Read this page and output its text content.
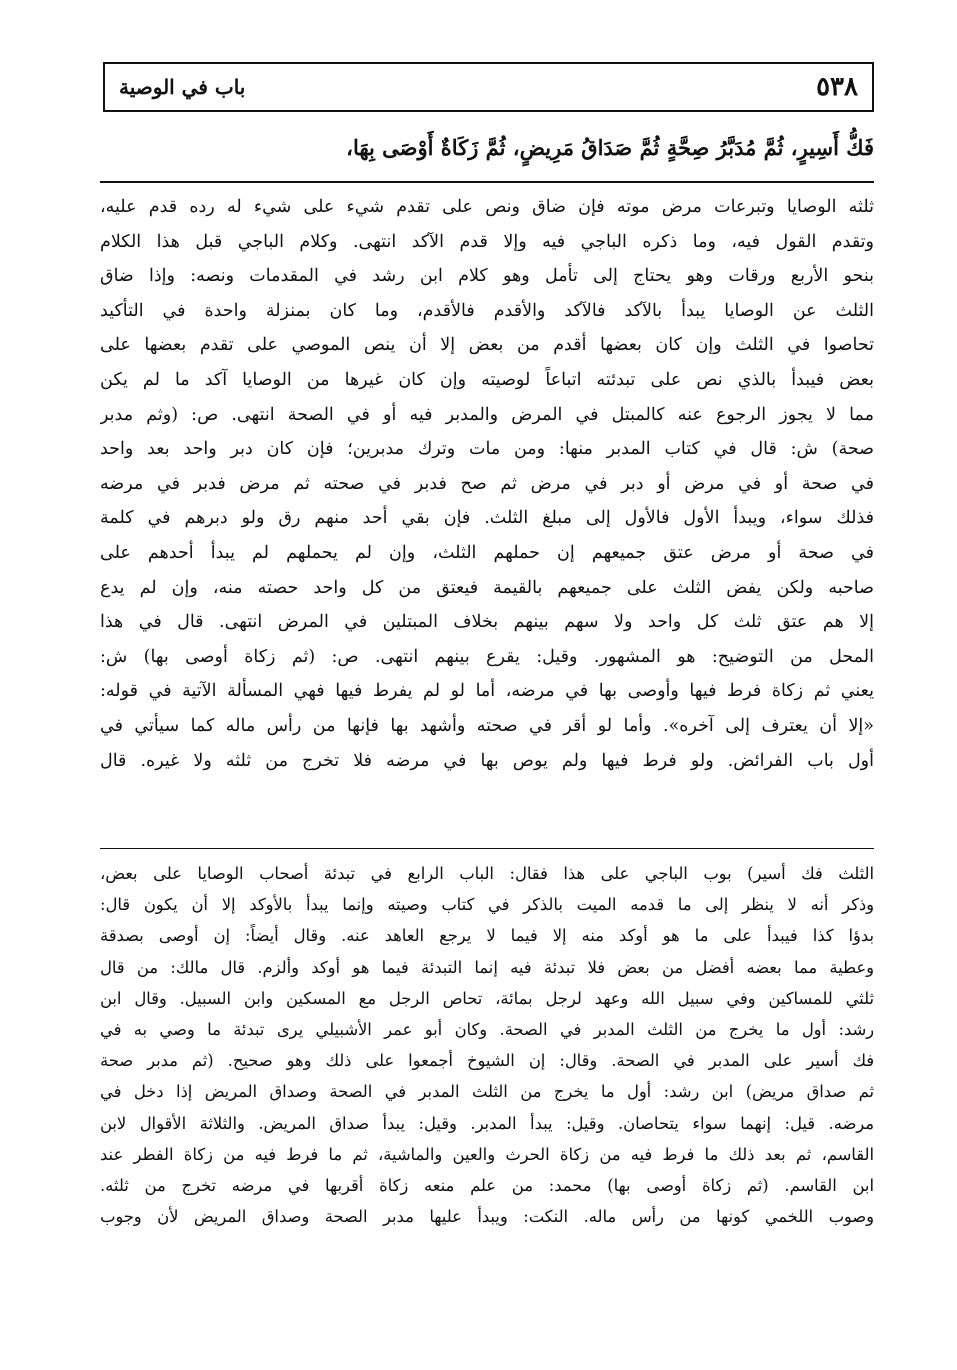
٥٣٨
باب في الوصية
فَكُّ أَسِيرٍ، ثُمَّ مُدَبَّرُ صِحَّةٍ ثُمَّ صَدَاقُ مَرِيضٍ، ثُمَّ زَكَاةٌ أَوْصَى بِهَا،
ثلثه الوصايا وتبرعات مرض موته فإن ضاق ونص على تقدم شيء على شيء له رده قدم عليه،
وتقدم القول فيه، وما ذكره الباجي فيه وإلا قدم الآكد انتهى. وكلام الباجي قبل هذا الكلام
بنحو الأربع ورقات وهو يحتاج إلى تأمل وهو كلام ابن رشد في المقدمات ونصه: وإذا ضاق
الثلث عن الوصايا يبدأ بالآكد فالآكد والأقدم فالأقدم، وما كان بمنزلة واحدة في التأكيد
تحاصوا في الثلث وإن كان بعضها أقدم من بعض إلا أن ينص الموصي على تقدم بعضها على
بعض فيبدأ بالذي نص على تبدئته اتباعاً لوصيته وإن كان غيرها من الوصايا آكد ما لم يكن
مما لا يجوز الرجوع عنه كالمبتل في المرض والمدبر فيه أو في الصحة انتهى. ص: (وثم مدبر
صحة) ش: قال في كتاب المدبر منها: ومن مات وترك مدبرين؛ فإن كان دبر واحد بعد واحد
في صحة أو في مرض أو دبر في مرض ثم صح فدبر في صحته ثم مرض فدبر في مرضه
فذلك سواء، ويبدأ الأول فالأول إلى مبلغ الثلث. فإن بقي أحد منهم رق ولو دبرهم في كلمة
في صحة أو مرض عتق جميعهم إن حملهم الثلث، وإن لم يحملهم لم يبدأ أحدهم على
صاحبه ولكن يفض الثلث على جميعهم بالقيمة فيعتق من كل واحد حصته منه، وإن لم يدع
إلا هم عتق ثلث كل واحد ولا سهم بينهم بخلاف المبتلين في المرض انتهى. قال في هذا
المحل من التوضيح: هو المشهور. وقيل: يقرع بينهم انتهى. ص: (ثم زكاة أوصى بها) ش:
يعني ثم زكاة فرط فيها وأوصى بها في مرضه، أما لو لم يفرط فيها فهي المسألة الآتية في قوله:
«إلا أن يعترف إلى آخره». وأما لو أقر في صحته وأشهد بها فإنها من رأس ماله كما سيأتي في
أول باب الفرائض. ولو فرط فيها ولم يوص بها في مرضه فلا تخرج من ثلثه ولا غيره. قال
الثلث فك أسير) بوب الباجي على هذا فقال: الباب الرابع في تبدئة أصحاب الوصايا على بعض،
وذكر أنه لا ينظر إلى ما قدمه الميت بالذكر في كتاب وصيته وإنما يبدأ بالأوكد إلا أن يكون قال:
بدؤا كذا فيبدأ على ما هو أوكد منه إلا فيما لا يرجع العاهد عنه. وقال أيضاً: إن أوصى بصدقة
وعطية مما بعضه أفضل من بعض فلا تبدئة فيه إنما التبدئة فيما هو أوكد وألزم. قال مالك: من قال
ثلثي للمساكين وفي سبيل الله وعهد لرجل بمائة، تحاص الرجل مع المسكين وابن السبيل. وقال ابن
رشد: أول ما يخرج من الثلث المدبر في الصحة. وكان أبو عمر الأشبيلي يرى تبدئة ما وصي به في
فك أسير على المدبر في الصحة. وقال: إن الشيوخ أجمعوا على ذلك وهو صحيح. (ثم مدبر صحة
ثم صداق مريض) ابن رشد: أول ما يخرج من الثلث المدبر في الصحة وصداق المريض إذا دخل في
مرضه. قيل: إنهما سواء يتحاصان. وقيل: يبدأ المدبر. وقيل: يبدأ صداق المريض. والثلاثة الأقوال لابن
القاسم، ثم بعد ذلك ما فرط فيه من زكاة الحرث والعين والماشية، ثم ما فرط فيه من زكاة الفطر عند
ابن القاسم. (ثم زكاة أوصى بها) محمد: من علم منعه زكاة أقربها في مرضه تخرج من ثلثه.
وصوب اللخمي كونها من رأس ماله. النكت: ويبدأ عليها مدبر الصحة وصداق المريض لأن وجوب
